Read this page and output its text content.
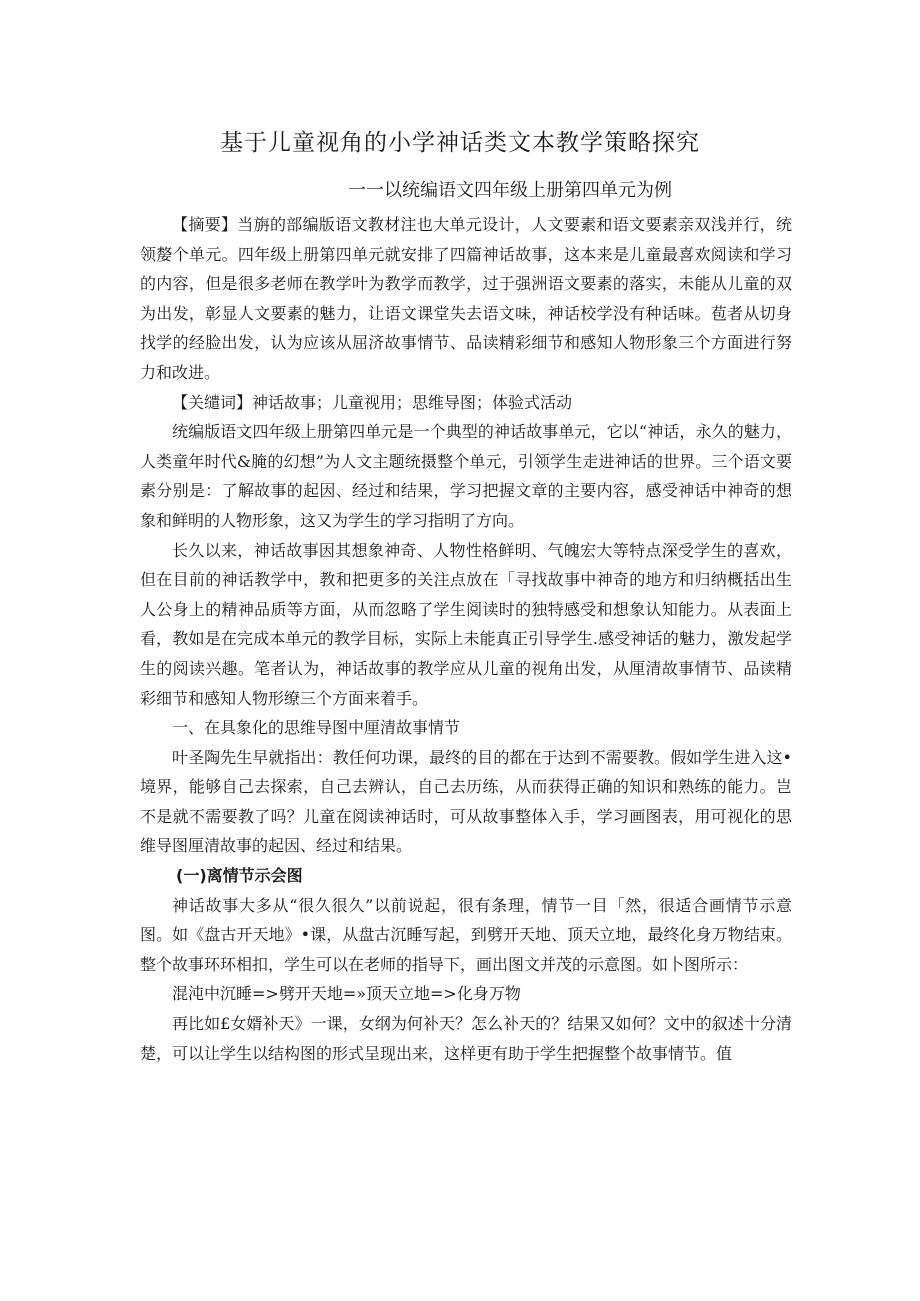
基于儿童视角的小学神话类文本教学策略探究
一一以统编语文四年级上册第四单元为例

【摘要】当旃的部编版语文教材注也大单元设计，人文要素和语文要素亲双浅并行，统领嫠个单元。四年级上册第四单元就安排了四篇神话故事，这本来是儿童最喜欢阅读和学习的内容，但是很多老师在教学叶为教学而教学，过于强洲语文要素的落实，未能从儿童的双为出发，彰显人文要素的魅力，让语文课堂失去语文味，神话校学没有种话味。苞者从切身找学的经脸出发，认为应该从屈济故事情节、品读精彩细节和感知人物形象三个方面进行努力和改进。

【关缱词】神话故事；儿童视用；思维导图；体验式活动

统编版语文四年级上册第四单元是一个典型的神话故事单元，它以“神话，永久的魅力，人类童年时代&腌的幻想”为人文主题统摄整个单元，引领学生走进神话的世界。三个语文要素分别是：了解故事的起因、经过和结果，学习把握文章的主要内容，感受神话中神奇的想象和鲜明的人物形象，这又为学生的学习指明了方向。

长久以来，神话故事因其想象神奇、人物性格鲜明、气魄宏大等特点深受学生的喜欢，但在目前的神话教学中，教和把更多的关注点放在「寻找故事中神奇的地方和归纳概括出生人公身上的精神品质等方面，从而忽略了学生阅读时的独特感受和想象认知能力。从表面上看，教如是在完成本单元的教学目标，实际上未能真正引导学生.感受神话的魅力，激发起学生的阅读兴趣。笔者认为，神话故事的教学应从儿童的视角出发，从厘清故事情节、品读精彩细节和感知人物形缭三个方面来着手。

一、在具象化的思维导图中厘清故事情节

叶圣陶先生早就指出：教任何功课，最终的目的都在于达到不需要教。假如学生进入这•境界，能够自己去探索，自己去辨认，自己去历练，从而获得正确的知识和熟练的能力。岂不是就不需要教了吗？儿童在阅读神话时，可从故事整体入手，学习画图表，用可视化的思维导图厘清故事的起因、经过和结果。

(一)离情节示会图

神话故事大多从“很久很久”以前说起，很有条理，情节一目「然，很适合画情节示意图。如《盘古开天地》•课，从盘古沉睡写起，到劈开天地、顶天立地，最终化身万物结束。整个故事环环相扣，学生可以在老师的指导下，画出图文并茂的示意图。如卜图所示：

混沌中沉睡=>劈开天地=»顶天立地=>化身万物

再比如£女婿补天》一课，女纲为何补天？怎么补天的？结果又如何？文中的叙述十分清楚，可以让学生以结构图的形式呈现出来，这样更有助于学生把握整个故事情节。值
